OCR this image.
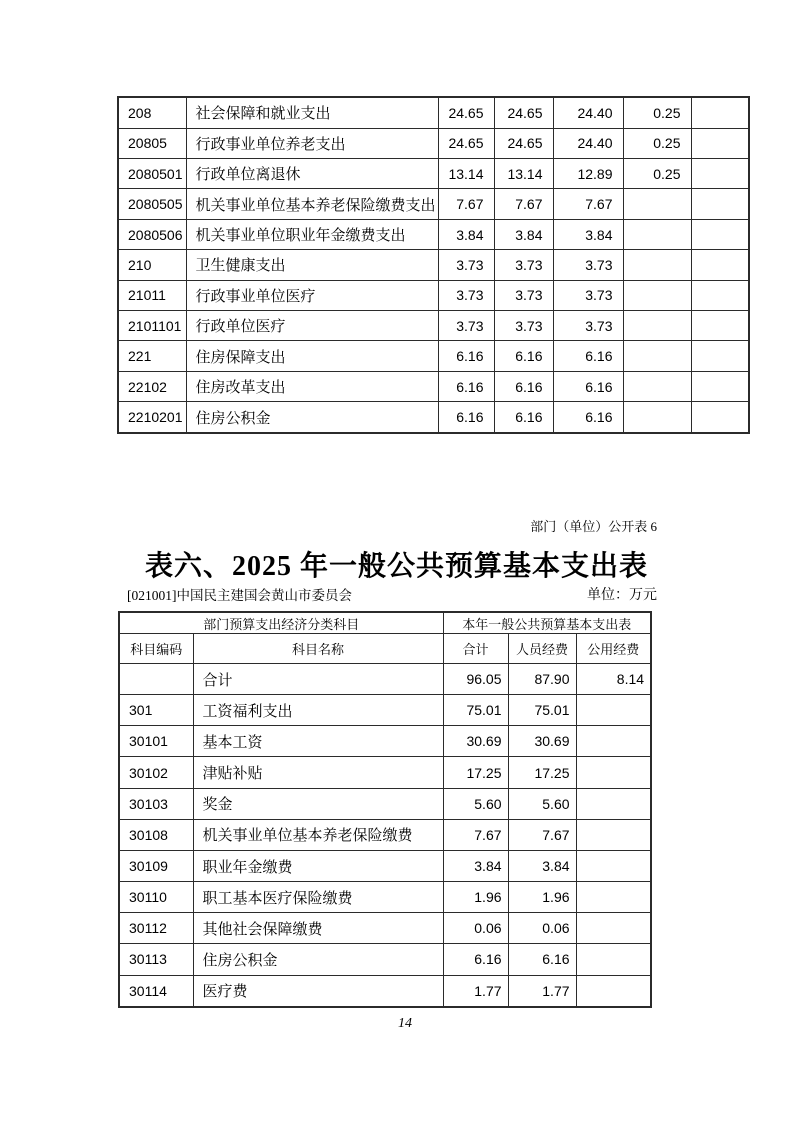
208	社会保障和就业支出	24.65	24.65	24.40	0.25	
20805	行政事业单位养老支出	24.65	24.65	24.40	0.25	
2080501	行政单位离退休	13.14	13.14	12.89	0.25	
2080505	机关事业单位基本养老保险缴费支出	7.67	7.67	7.67		
2080506	机关事业单位职业年金缴费支出	3.84	3.84	3.84		
210	卫生健康支出	3.73	3.73	3.73		
21011	行政事业单位医疗	3.73	3.73	3.73		
2101101	行政单位医疗	3.73	3.73	3.73		
221	住房保障支出	6.16	6.16	6.16		
22102	住房改革支出	6.16	6.16	6.16		
2210201	住房公积金	6.16	6.16	6.16		
部门（单位）公开表 6
表六、2025 年一般公共预算基本支出表
[021001]中国民主建国会黄山市委员会	单位：万元
部门预算支出经济分类科目		本年一般公共预算基本支出表		
科目编码	科目名称	合计	人员经费	公用经费
	合计	96.05	87.90	8.14
301	工资福利支出	75.01	75.01	
30101	基本工资	30.69	30.69	
30102	津贴补贴	17.25	17.25	
30103	奖金	5.60	5.60	
30108	机关事业单位基本养老保险缴费	7.67	7.67	
30109	职业年金缴费	3.84	3.84	
30110	职工基本医疗保险缴费	1.96	1.96	
30112	其他社会保障缴费	0.06	0.06	
30113	住房公积金	6.16	6.16	
30114	医疗费	1.77	1.77	
14
